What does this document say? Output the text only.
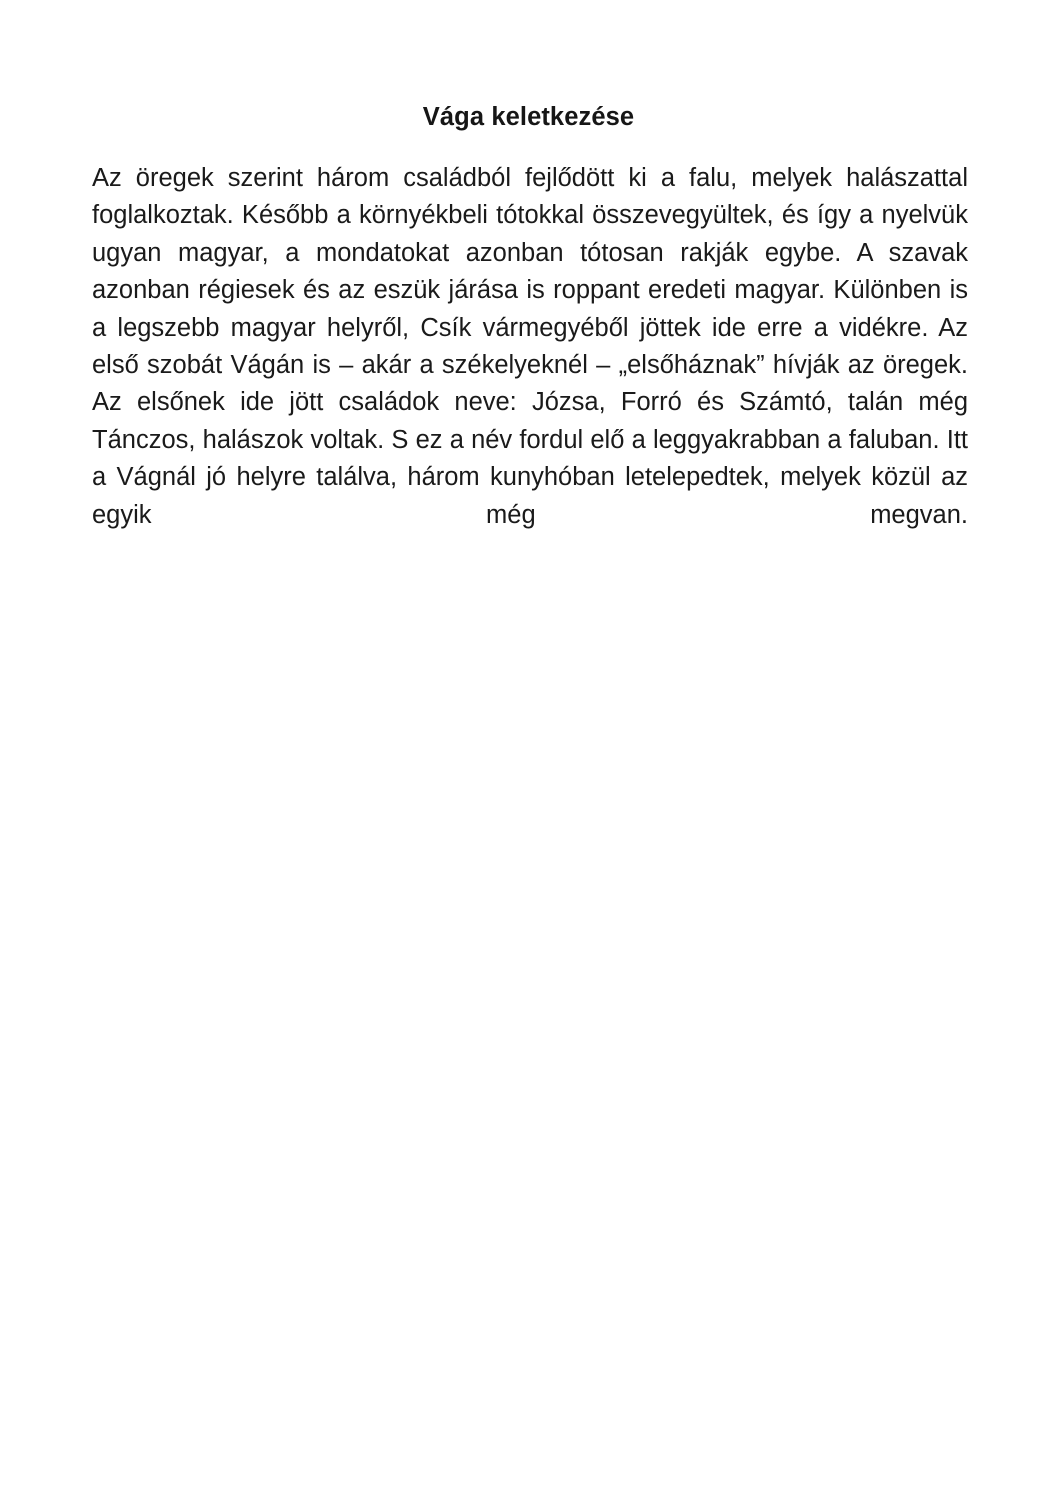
Vága keletkezése

Az öregek szerint három családból fejlődött ki a falu, melyek halászattal foglalkoztak. Később a környékbeli tótokkal összevegyültek, és így a nyelvük ugyan magyar, a mondatokat azonban tótosan rakják egybe. A szavak azonban régiesek és az eszük járása is roppant eredeti magyar. Különben is a legszebb magyar helyről, Csík vármegyéből jöttek ide erre a vidékre. Az első szobát Vágán is – akár a székelyeknél – „elsőháznak” hívják az öregek. Az elsőnek ide jött családok neve: Józsa, Forró és Számtó, talán még Tánczos, halászok voltak. S ez a név fordul elő a leggyakrabban a faluban. Itt a Vágnál jó helyre találva, három kunyhóban letelepedtek, melyek közül az egyik még megvan.
